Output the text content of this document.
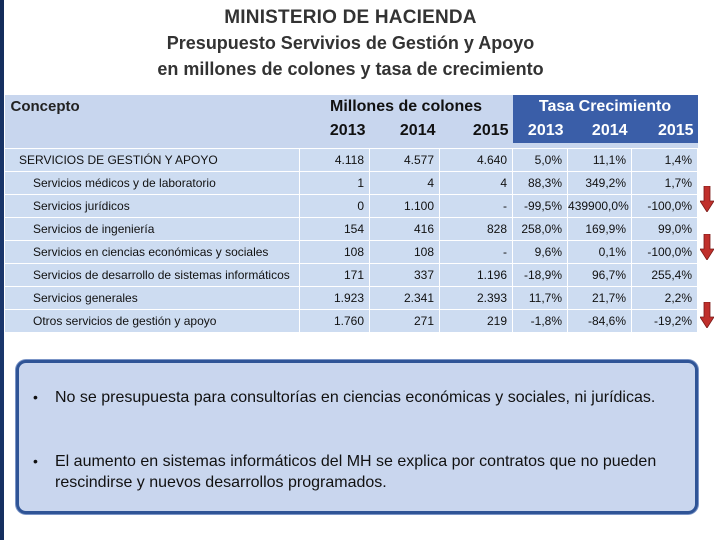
MINISTERIO DE HACIENDA
Presupuesto Servivios de Gestión y Apoyo
en millones de colones y tasa de crecimiento
Concepto	Millones de colones			Tasa Crecimiento		
	2013	2014	2015	2013	2014	2015

SERVICIOS DE GESTIÓN Y APOYO	4.118	4.577	4.640	5,0%	11,1%	1,4%
Servicios médicos y de laboratorio	1	4	4	88,3%	349,2%	1,7%
Servicios jurídicos	0	1.100	-	-99,5%	439900,0%	-100,0%
Servicios de ingeniería	154	416	828	258,0%	169,9%	99,0%
Servicios en ciencias económicas y sociales	108	108	-	9,6%	0,1%	-100,0%
Servicios de desarrollo de sistemas informáticos	171	337	1.196	-18,9%	96,7%	255,4%
Servicios generales	1.923	2.341	2.393	11,7%	21,7%	2,2%
Otros servicios de gestión y apoyo	1.760	271	219	-1,8%	-84,6%	-19,2%
• No se presupuesta para consultorías en ciencias económicas y sociales, ni jurídicas.
• El aumento en sistemas informáticos del MH se explica por contratos que no pueden rescindirse y nuevos desarrollos programados.
